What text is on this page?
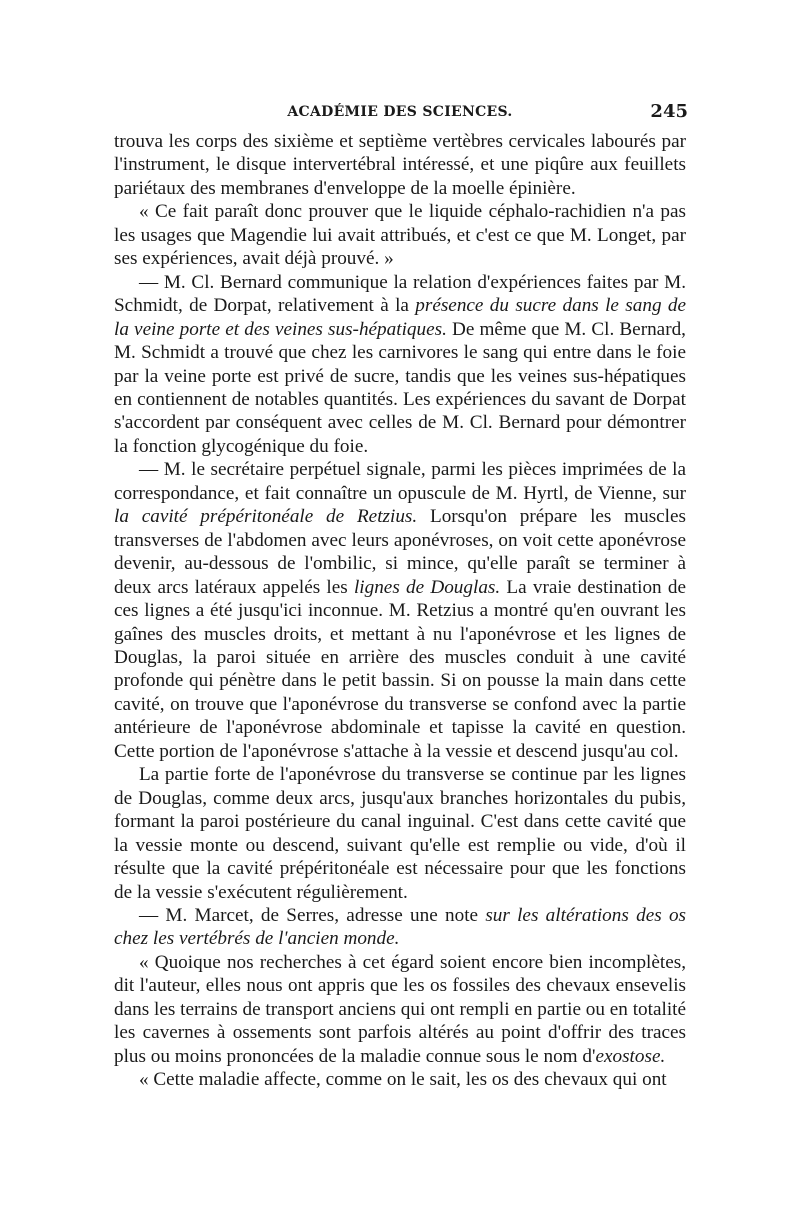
ACADÉMIE DES SCIENCES.	245

trouva les corps des sixième et septième vertèbres cervicales labourés par l'instrument, le disque intervertébral intéressé, et une piqûre aux feuillets pariétaux des membranes d'enveloppe de la moelle épinière.

« Ce fait paraît donc prouver que le liquide céphalo-rachidien n'a pas les usages que Magendie lui avait attribués, et c'est ce que M. Longet, par ses expériences, avait déjà prouvé. »

— M. Cl. Bernard communique la relation d'expériences faites par M. Schmidt, de Dorpat, relativement à la présence du sucre dans le sang de la veine porte et des veines sus-hépatiques. De même que M. Cl. Bernard, M. Schmidt a trouvé que chez les carnivores le sang qui entre dans le foie par la veine porte est privé de sucre, tandis que les veines sus-hépatiques en contiennent de notables quantités. Les expériences du savant de Dorpat s'accordent par conséquent avec celles de M. Cl. Bernard pour démontrer la fonction glycogénique du foie.

— M. le secrétaire perpétuel signale, parmi les pièces imprimées de la correspondance, et fait connaître un opuscule de M. Hyrtl, de Vienne, sur la cavité prépéritonéale de Retzius. Lorsqu'on prépare les muscles transverses de l'abdomen avec leurs aponévroses, on voit cette aponévrose devenir, au-dessous de l'ombilic, si mince, qu'elle paraît se terminer à deux arcs latéraux appelés les lignes de Douglas. La vraie destination de ces lignes a été jusqu'ici inconnue. M. Retzius a montré qu'en ouvrant les gaînes des muscles droits, et mettant à nu l'aponévrose et les lignes de Douglas, la paroi située en arrière des muscles conduit à une cavité profonde qui pénètre dans le petit bassin. Si on pousse la main dans cette cavité, on trouve que l'aponévrose du transverse se confond avec la partie antérieure de l'aponévrose abdominale et tapisse la cavité en question. Cette portion de l'aponévrose s'attache à la vessie et descend jusqu'au col.

La partie forte de l'aponévrose du transverse se continue par les lignes de Douglas, comme deux arcs, jusqu'aux branches horizontales du pubis, formant la paroi postérieure du canal inguinal. C'est dans cette cavité que la vessie monte ou descend, suivant qu'elle est remplie ou vide, d'où il résulte que la cavité prépéritonéale est nécessaire pour que les fonctions de la vessie s'exécutent régulièrement.

— M. Marcet, de Serres, adresse une note sur les altérations des os chez les vertébrés de l'ancien monde.

« Quoique nos recherches à cet égard soient encore bien incomplètes, dit l'auteur, elles nous ont appris que les os fossiles des chevaux ensevelis dans les terrains de transport anciens qui ont rempli en partie ou en totalité les cavernes à ossements sont parfois altérés au point d'offrir des traces plus ou moins prononcées de la maladie connue sous le nom d'exostose.

« Cette maladie affecte, comme on le sait, les os des chevaux qui ont
